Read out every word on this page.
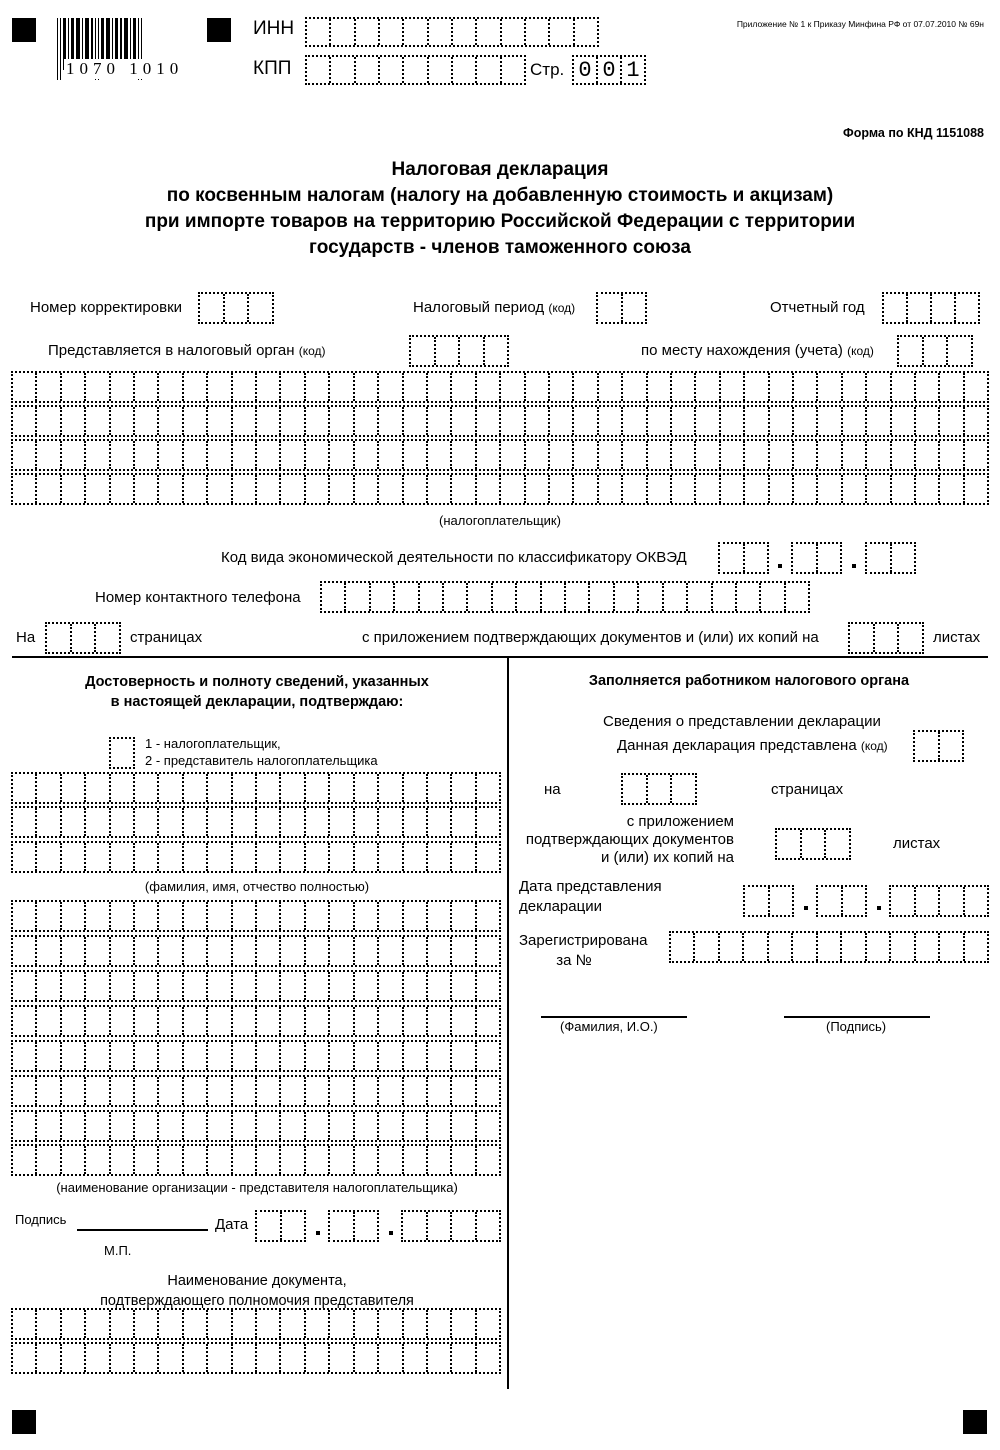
1070 1010
ИНН
КПП	Стр. 0 0 1
Приложение № 1 к Приказу Минфина РФ от 07.07.2010 № 69н
Форма по КНД 1151088
Налоговая декларация
по косвенным налогам (налогу на добавленную стоимость и акцизам)
при импорте товаров на территорию Российской Федерации с территории
государств - членов таможенного союза
Номер корректировки	Налоговый период (код)	Отчетный год
Представляется в налоговый орган (код)	по месту нахождения (учета) (код)
(налогоплательщик)
Код вида экономической деятельности по классификатору ОКВЭД
Номер контактного телефона
На	страницах	с приложением подтверждающих документов и (или) их копий на	листах
Достоверность и полноту сведений, указанных
в настоящей декларации, подтверждаю:
1 - налогоплательщик,
2 - представитель налогоплательщика
(фамилия, имя, отчество полностью)
(наименование организации - представителя налогоплательщика)
Подпись	Дата
М.П.
Наименование документа,
подтверждающего полномочия представителя
Заполняется работником налогового органа
Сведения о представлении декларации
Данная декларация представлена (код)
на	страницах
с приложением
подтверждающих документов
и (или) их копий на
листах
Дата представления
декларации
Зарегистрирована
за №
(Фамилия, И.О.)	(Подпись)
